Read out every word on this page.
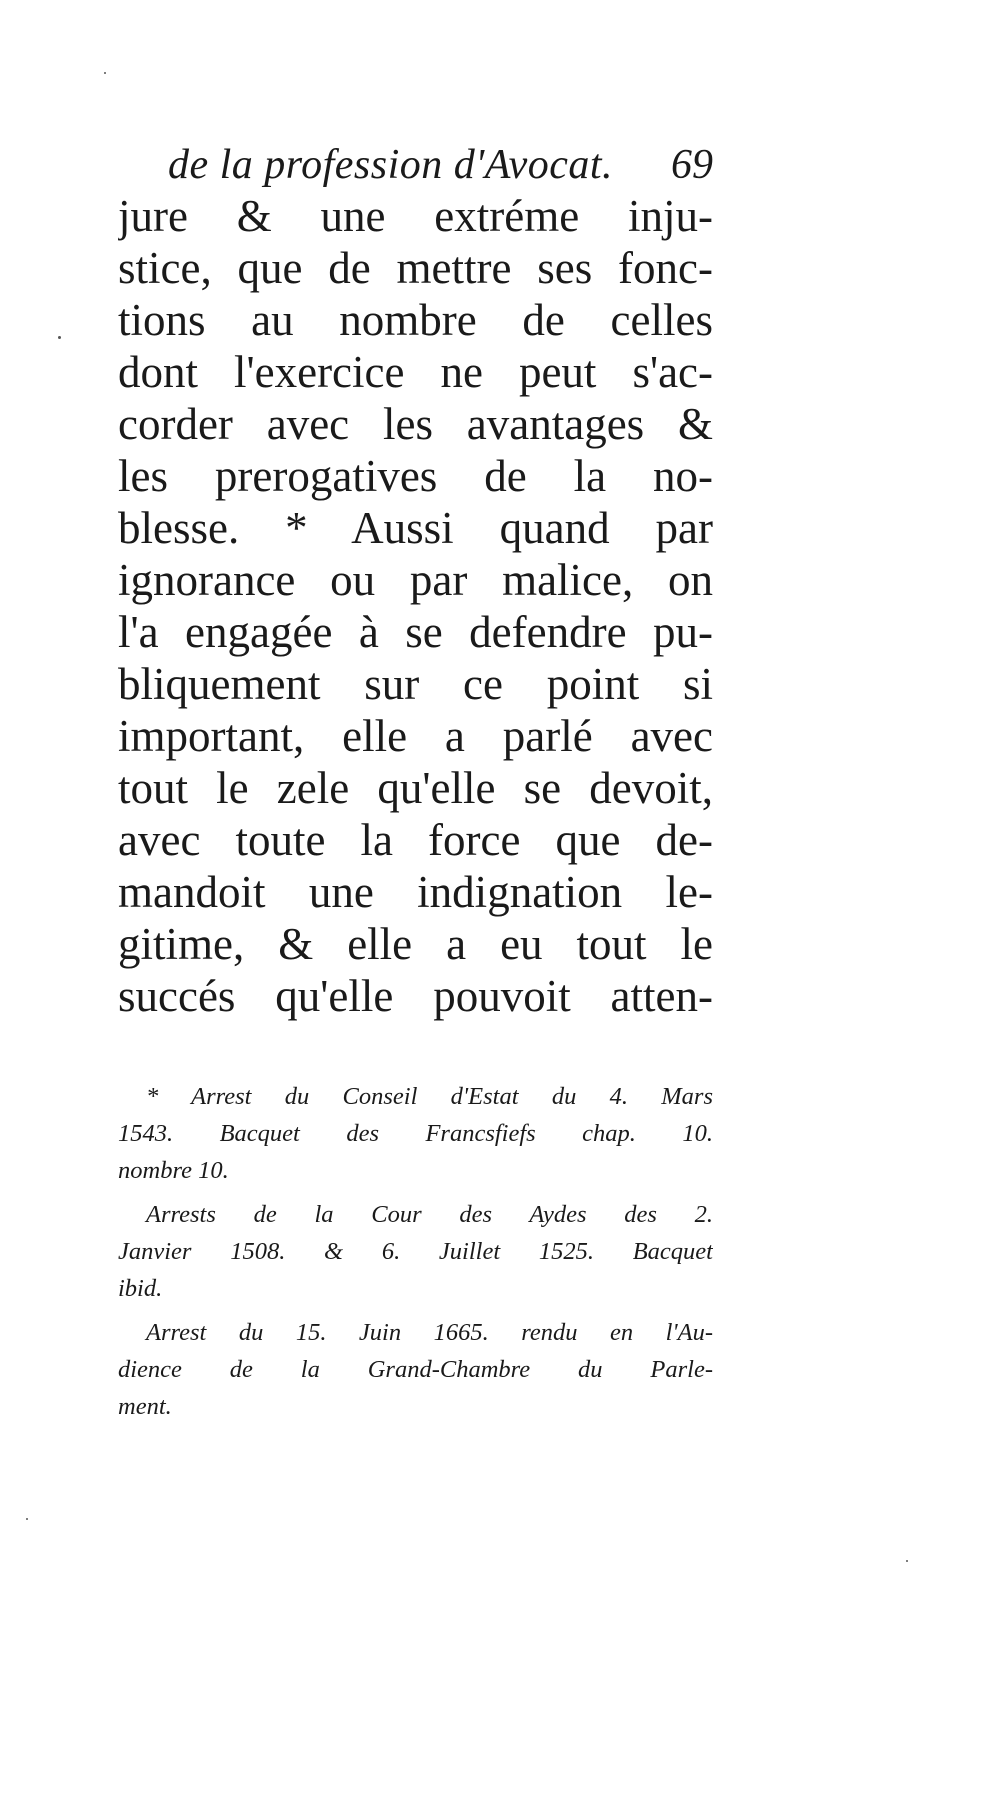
de la profession d'Avocat. 69
jure & une extréme inju-
stice, que de mettre ses fonc-
tions au nombre de celles
dont l'exercice ne peut s'ac-
corder avec les avantages &
les prerogatives de la no-
blesse. * Aussi quand par
ignorance ou par malice, on
l'a engagée à se defendre pu-
bliquement sur ce point si
important, elle a parlé avec
tout le zele qu'elle se devoit,
avec toute la force que de-
mandoit une indignation le-
gitime, & elle a eu tout le
succés qu'elle pouvoit atten-
* Arrest du Conseil d'Estat du 4. Mars
1543. Bacquet des Francsfiefs chap. 10.
nombre 10.
Arrests de la Cour des Aydes des 2.
Janvier 1508. & 6. Juillet 1525. Bacquet
ibid.
Arrest du 15. Juin 1665. rendu en l'Au-
dience de la Grand-Chambre du Parle-
ment.
